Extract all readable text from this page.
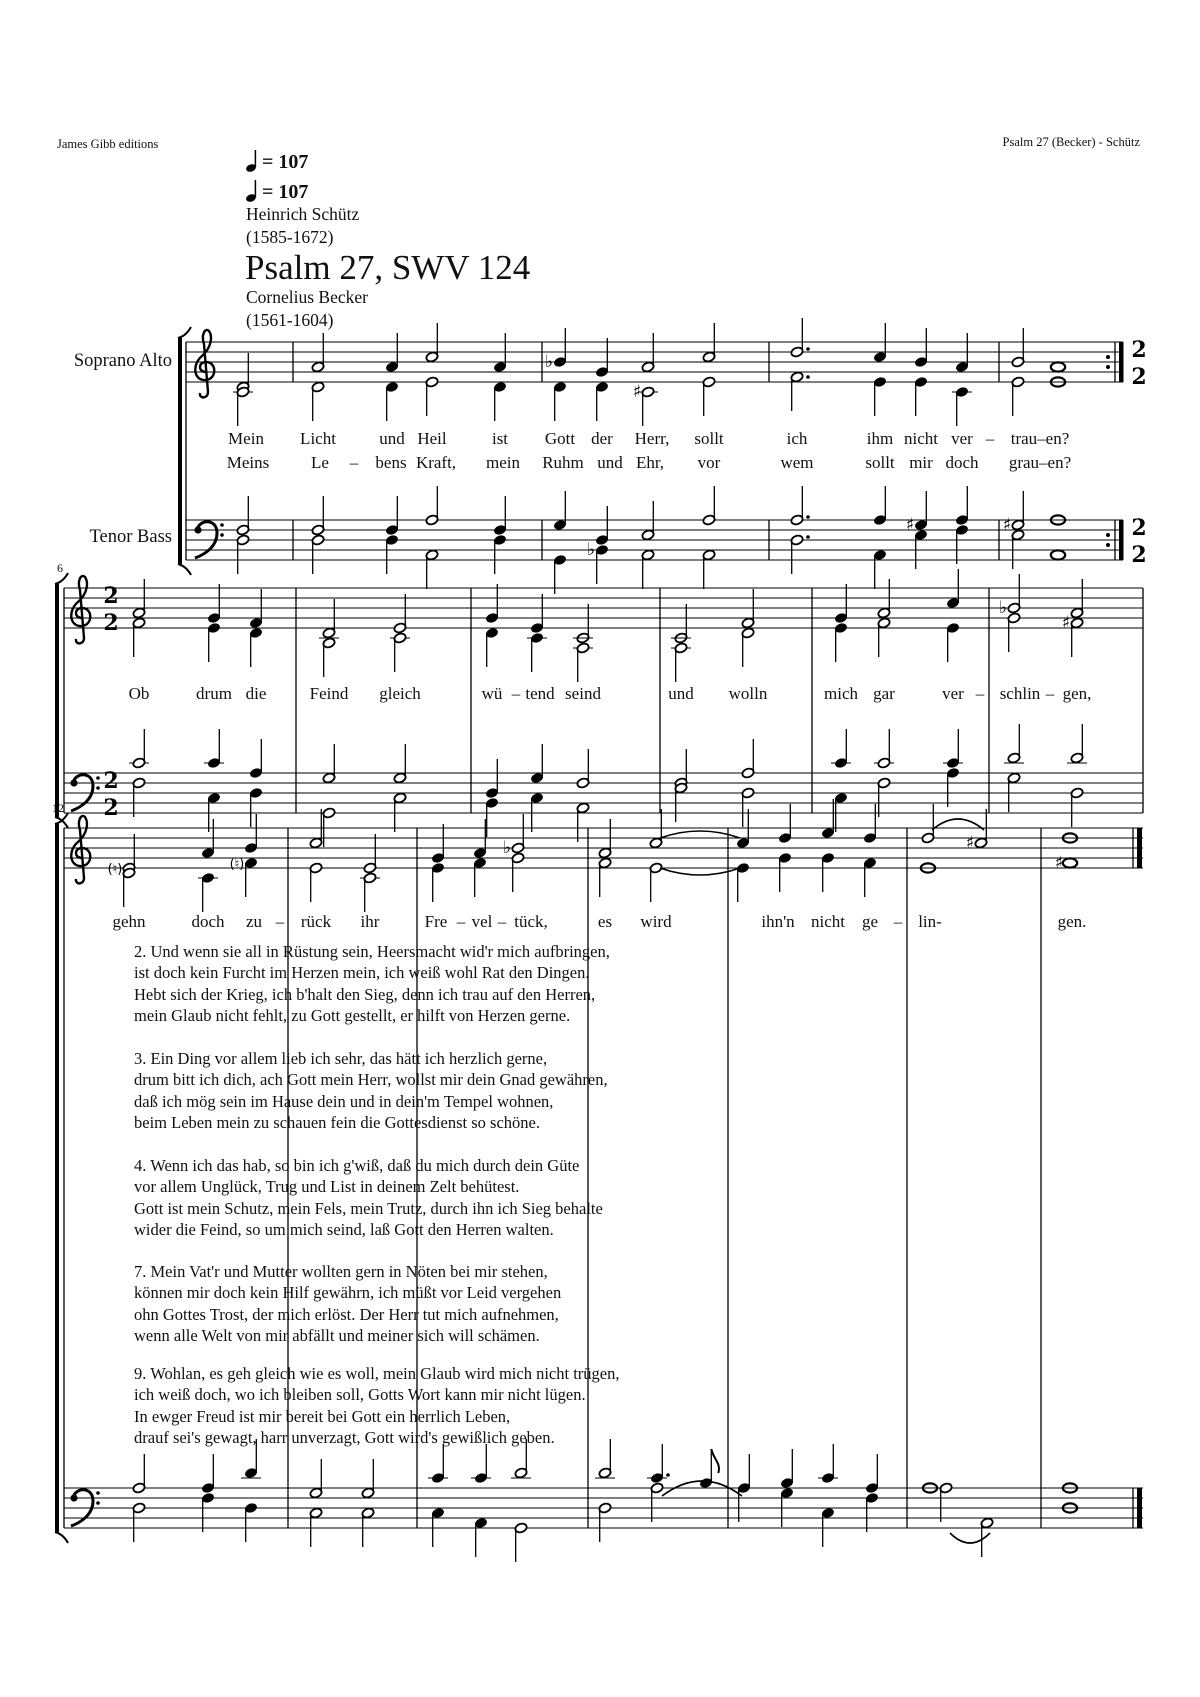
2
2
2
2
♭
♯
♯	♯
♭
2
2
2
2
♭
♯
(♮)
♭	♯
(♮)	♯
James Gibb editions	Psalm 27 (Becker) - Schütz
= 107
= 107
Heinrich Schütz
(1585-1672)
Psalm 27, SWV 124
Cornelius Becker
(1561-1604)
Soprano Alto
Tenor Bass
6
12
Mein Licht	und Heil	ist Gott der Herr, sollt	ich	ihm nicht ver – trau–en?
Meins Le – bens Kraft, mein Ruhm und Ehr, vor	wem	sollt mir doch grau–en?
Ob	drum die	Feind gleich	wü – tend seind	und wolln	mich gar	ver – schlin – gen,
gehn	doch zu – rück ihr	Fre – vel – tück,	es wird	ihn'n nicht ge – lin-	gen.
2. Und wenn sie all in Rüstung sein, Heersmacht wid'r mich aufbringen,
ist doch kein Furcht im Herzen mein, ich weiß wohl Rat den Dingen.
Hebt sich der Krieg, ich b'halt den Sieg, denn ich trau auf den Herren,
mein Glaub nicht fehlt, zu Gott gestellt, er hilft von Herzen gerne.
3. Ein Ding vor allem lieb ich sehr, das hätt ich herzlich gerne,
drum bitt ich dich, ach Gott mein Herr, wollst mir dein Gnad gewähren,
daß ich mög sein im Hause dein und in dein'm Tempel wohnen,
beim Leben mein zu schauen fein die Gottesdienst so schöne.
4. Wenn ich das hab, so bin ich g'wiß, daß du mich durch dein Güte
vor allem Unglück, Trug und List in deinem Zelt behütest.
Gott ist mein Schutz, mein Fels, mein Trutz, durch ihn ich Sieg behalte
wider die Feind, so um mich seind, laß Gott den Herren walten.
7. Mein Vat'r und Mutter wollten gern in Nöten bei mir stehen,
können mir doch kein Hilf gewährn, ich müßt vor Leid vergehen
ohn Gottes Trost, der mich erlöst. Der Herr tut mich aufnehmen,
wenn alle Welt von mir abfällt und meiner sich will schämen.
9. Wohlan, es geh gleich wie es woll, mein Glaub wird mich nicht trügen,
ich weiß doch, wo ich bleiben soll, Gotts Wort kann mir nicht lügen.
In ewger Freud ist mir bereit bei Gott ein herrlich Leben,
drauf sei's gewagt, harr unverzagt, Gott wird's gewißlich geben.
